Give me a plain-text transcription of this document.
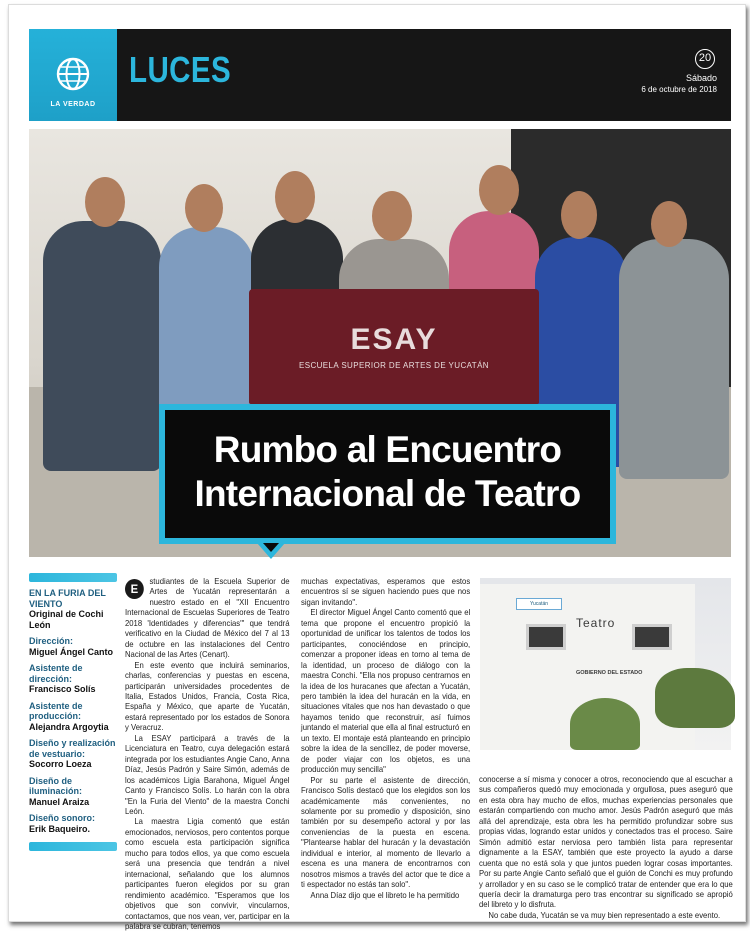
LA VERDAD
LUCES	20
Sábado
6 de octubre de 2018
ESAY
ESCUELA SUPERIOR DE ARTES DE YUCATÁN
Rumbo al Encuentro
Internacional de Teatro
EN LA FURIA DEL VIENTO
Original de Cochi León
Dirección:
Miguel Ángel Canto
Asistente de dirección:
Francisco Solís
Asistente de producción:
Alejandra Argoytia
Diseño y realización de vestuario:
Socorro Loeza
Diseño de iluminación:
Manuel Araiza
Diseño sonoro:
Erik Baqueiro.
E

studiantes de la Escuela Superior de Artes de Yucatán representarán a nuestro estado en el "XII Encuentro Internacional de Escuelas Superiores de Teatro 2018 'Identidades y diferencias'" que tendrá verificativo en la Ciudad de México del 7 al 13 de octubre en las instalaciones del Centro Nacional de las Artes (Cenart).

En este evento que incluirá seminarios, charlas, conferencias y puestas en escena, participarán universidades procedentes de Italia, Estados Unidos, Francia, Costa Rica, España y México, que aparte de Yucatán, estará representado por los estados de Sonora y Veracruz.

La ESAY participará a través de la Licenciatura en Teatro, cuya delegación estará integrada por los estudiantes Angie Cano, Anna Díaz, Jesús Padrón y Saire Simón, además de los académicos Ligia Barahona, Miguel Ángel Canto y Francisco Solís. Lo harán con la obra "En la Furia del Viento" de la maestra Conchi León.

La maestra Ligia comentó que están emocionados, nerviosos, pero contentos porque como escuela esta participación significa mucho para todos ellos, ya que como escuela será una presencia que tendrán a nivel internacional, señalando que los alumnos participantes fueron elegidos por su gran rendimiento académico. "Esperamos que los objetivos que son convivir, vincularnos, contactamos, que nos vean, ver, participar en la palabra se cubran, tenemos

muchas expectativas, esperamos que estos encuentros sí se siguen haciendo pues que nos sigan invitando".

El director Miguel Ángel Canto comentó que el tema que propone el encuentro propició la oportunidad de unificar los talentos de todos los participantes, conociéndose en principio, comenzar a proponer ideas en torno al tema de la identidad, un proceso de diálogo con la maestra Conchi. "Ella nos propuso centrarnos en la idea de los huracanes que afectan a Yucatán, pero también la idea del huracán en la vida, en situaciones vitales que nos han devastado o que hayamos tenido que reconstruir, así fuimos juntando el material que ella al final estructuró en un texto. El montaje está planteando en principio sobre la idea de la sencillez, de poder moverse, de poder viajar con los objetos, es una producción muy sencilla"

Por su parte el asistente de dirección, Francisco Solís destacó que los elegidos son los académicamente más convenientes, no solamente por su promedio y disposición, sino también por su desempeño actoral y por las conveniencias de la puesta en escena. "Plantearse hablar del huracán y la devastación individual e interior, al momento de llevarlo a escena es una manera de encontrarnos con nosotros mismos a través del actor que te dice a ti espectador no estás tan solo".

Anna Díaz dijo que el libreto le ha permitido

Yucatán
Teatro
GOBIERNO DEL ESTADO

conocerse a sí misma y conocer a otros, reconociendo que al escuchar a sus compañeros quedó muy emocionada y orgullosa, pues aseguró que en esta obra hay mucho de ellos, muchas experiencias personales que estarán compartiendo con mucho amor. Jesús Padrón aseguró que más allá del aprendizaje, esta obra les ha permitido profundizar sobre sus propias vidas, logrando estar unidos y conectados tras el proceso. Saire Simón admitió estar nerviosa pero también lista para representar dignamente a la ESAY, también que este proyecto la ayudo a darse cuenta que no está sola y que juntos pueden lograr cosas importantes. Por su parte Angie Canto señaló que el guión de Conchi es muy profundo y arrollador y en su caso se le complicó tratar de entender que era lo que quería decir la dramaturga pero tras encontrar su significado se apropió del libreto y lo disfruta.

No cabe duda, Yucatán se va muy bien representado a este evento.
